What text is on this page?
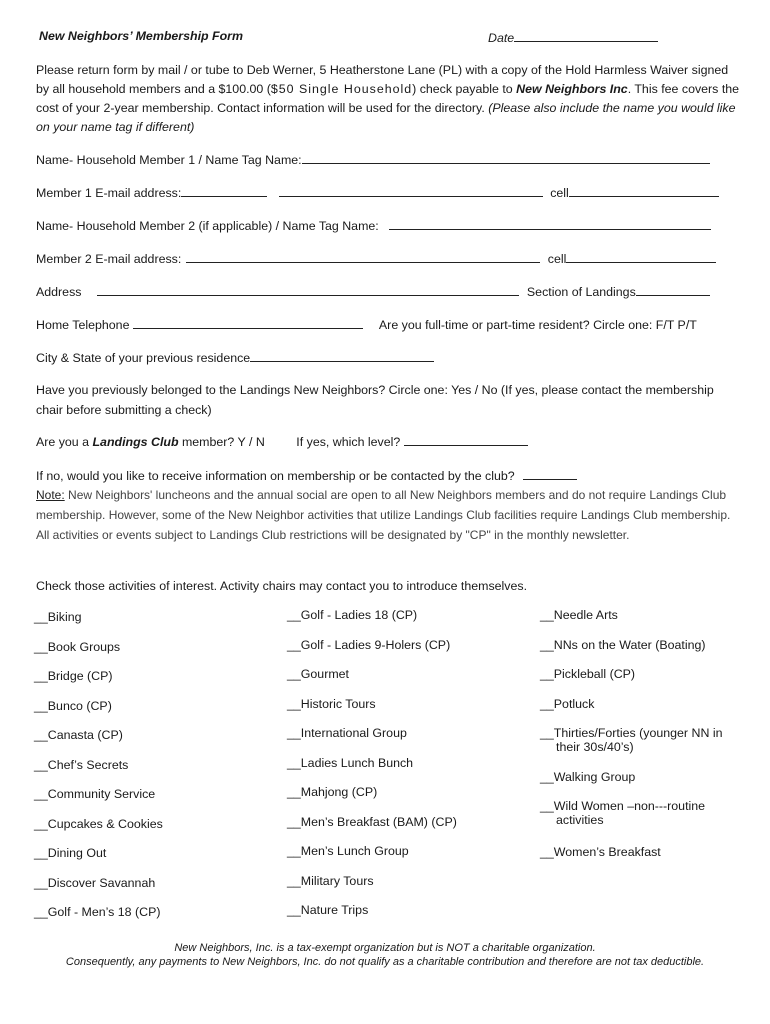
New Neighbors’ Membership Form	Date
Please return form by mail / or tube to Deb Werner, 5 Heatherstone Lane (PL) with a copy of the Hold Harmless Waiver signed by all household members and a $100.00 ($50 Single Household) check payable to New Neighbors Inc. This fee covers the cost of your 2-year membership. Contact information will be used for the directory. (Please also include the name you would like on your name tag if different)
Name- Household Member 1 / Name Tag Name:
Member 1 E-mail address:	cell
Name- Household Member 2 (if applicable) / Name Tag Name:
Member 2 E-mail address:	cell
Address	Section of Landings
Home Telephone	Are you full-time or part-time resident? Circle one: F/T P/T
City & State of your previous residence
Have you previously belonged to the Landings New Neighbors? Circle one: Yes / No (If yes, please contact the membership chair before submitting a check)
Are you a Landings Club member? Y / N	If yes, which level?
If no, would you like to receive information on membership or be contacted by the club?
Note: New Neighbors' luncheons and the annual social are open to all New Neighbors members and do not require Landings Club membership. However, some of the New Neighbor activities that utilize Landings Club facilities require Landings Club membership. All activities or events subject to Landings Club restrictions will be designated by "CP" in the monthly newsletter.
Check those activities of interest. Activity chairs may contact you to introduce themselves.
__Biking
__Book Groups
__Bridge (CP)
__Bunco (CP)
__Canasta (CP)
__Chef’s Secrets
__Community Service
__Cupcakes & Cookies
__Dining Out
__Discover Savannah
__Golf - Men’s 18 (CP)
__Golf - Ladies 18 (CP)
__Golf - Ladies 9-Holers (CP)
__Gourmet
__Historic Tours
__International Group
__Ladies Lunch Bunch
__Mahjong (CP)
__Men’s Breakfast (BAM) (CP)
__Men’s Lunch Group
__Military Tours
__Nature Trips
__Needle Arts
__NNs on the Water (Boating)
__Pickleball (CP)
__Potluck
__Thirties/Forties (younger NN in
their 30s/40’s)
__Walking Group
__Wild Women –non---routine
activities
__Women’s Breakfast
New Neighbors, Inc. is a tax-exempt organization but is NOT a charitable organization.
Consequently, any payments to New Neighbors, Inc. do not qualify as a charitable contribution and therefore are not tax deductible.
